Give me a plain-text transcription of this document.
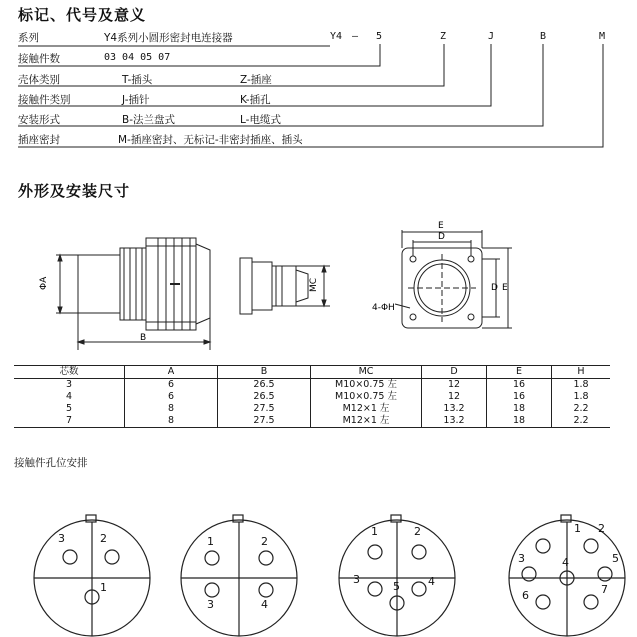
标记、代号及意义
系列	Y4系列小圆形密封电连接器
接触件数	03 04 05 07
壳体类别	T-插头	Z-插座
接触件类别	J-插针	K-插孔
安装形式	B-法兰盘式	L-电缆式
插座密封	M-插座密封、无标记-非密封插座、插头
Y4 — 5	Z	J	B	M
外形及安装尺寸
ΦA
B
MC
E
D
D E
4-ΦH
芯数	A	B	MC	D	E	H
3	6	26.5	M10×0.75 左	12	16	1.8
4	6	26.5	M10×0.75 左	12	16	1.8
5	8	27.5	M12×1 左	13.2	18	2.2
7	8	27.5	M12×1 左	13.2	18	2.2
接触件孔位安排
3	2
1
1	2
3	4
1	2
3	4
5
1 2
3	4	5
6	7
